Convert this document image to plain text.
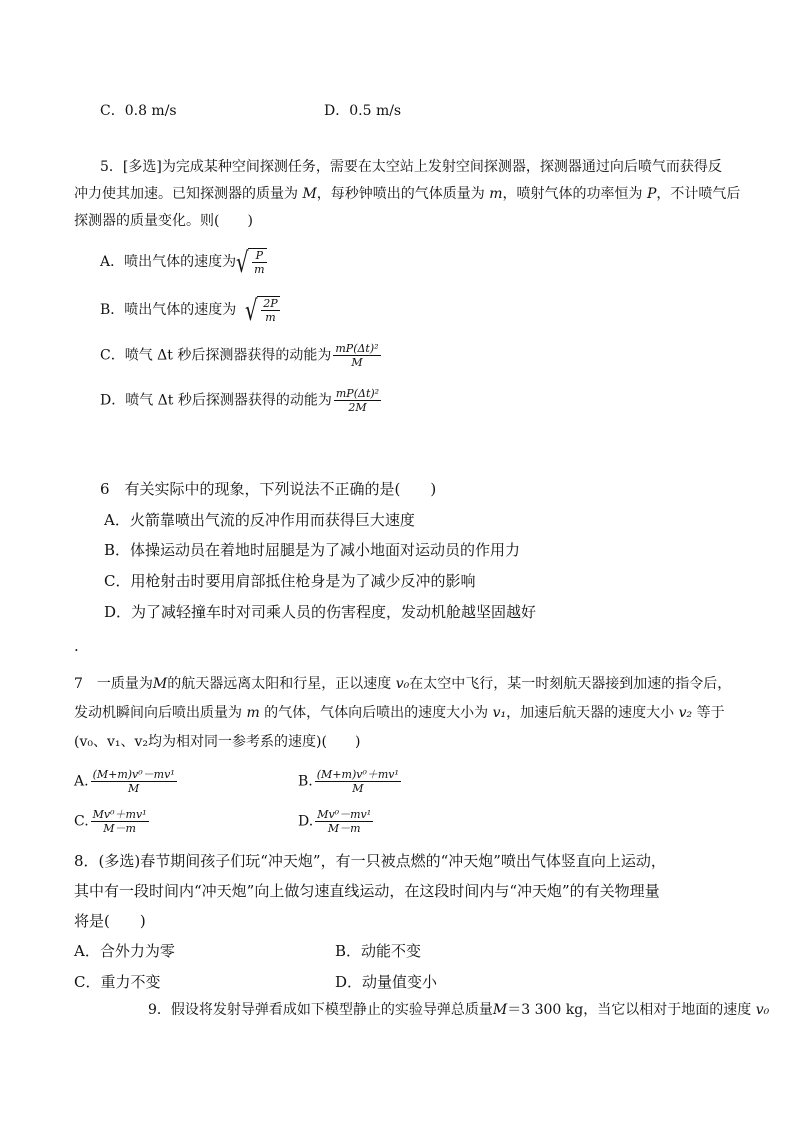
C．0.8 m/s	D．0.5 m/s
5．[多选]为完成某种空间探测任务，需要在太空站上发射空间探测器，探测器通过向后喷气而获得反
冲力使其加速。已知探测器的质量为 M，每秒钟喷出的气体质量为 m，喷射气体的功率恒为 P，不计喷气后
探测器的质量变化。则(　　)
A．喷出气体的速度为 √ $\frac{P}{m}$
B．喷出气体的速度为 √ $\frac{2P}{m}$
C．喷气 Δt 秒后探测器获得的动能为 $\frac{\text{mP(Δt)²}}{M}$
D．喷气 Δt 秒后探测器获得的动能为 $\frac{\text{mP(Δt)²}}{2M}$
6　有关实际中的现象，下列说法不正确的是(　　)
A．火箭靠喷出气流的反冲作用而获得巨大速度
B．体操运动员在着地时屈腿是为了减小地面对运动员的作用力
C．用枪射击时要用肩部抵住枪身是为了减少反冲的影响
D．为了减轻撞车时对司乘人员的伤害程度，发动机舱越坚固越好
.
7　一质量为M的航天器远离太阳和行星，正以速度 v₀在太空中飞行，某一时刻航天器接到加速的指令后，
发动机瞬间向后喷出质量为 m 的气体，气体向后喷出的速度大小为 v₁，加速后航天器的速度大小 v₂ 等于
(v₀、v₁、v₂均为相对同一参考系的速度)(　　)
A. $\frac{\text{(M+m)v⁰－mv¹}}{M}$	B. $\frac{\text{(M+m)v⁰＋mv¹}}{M}$
C. $\frac{\text{Mv⁰＋mv¹}}{M-m}$	D. $\frac{\text{Mv⁰－mv¹}}{M-m}$
8．(多选)春节期间孩子们玩“冲天炮”，有一只被点燃的“冲天炮”喷出气体竖直向上运动，
其中有一段时间内“冲天炮”向上做匀速直线运动，在这段时间内与“冲天炮”的有关物理量
将是(　　)
A．合外力为零	B．动能不变
C．重力不变	D．动量值变小
9．假设将发射导弹看成如下模型静止的实验导弹总质量M＝3 300 kg，当它以相对于地面的速度 v₀
